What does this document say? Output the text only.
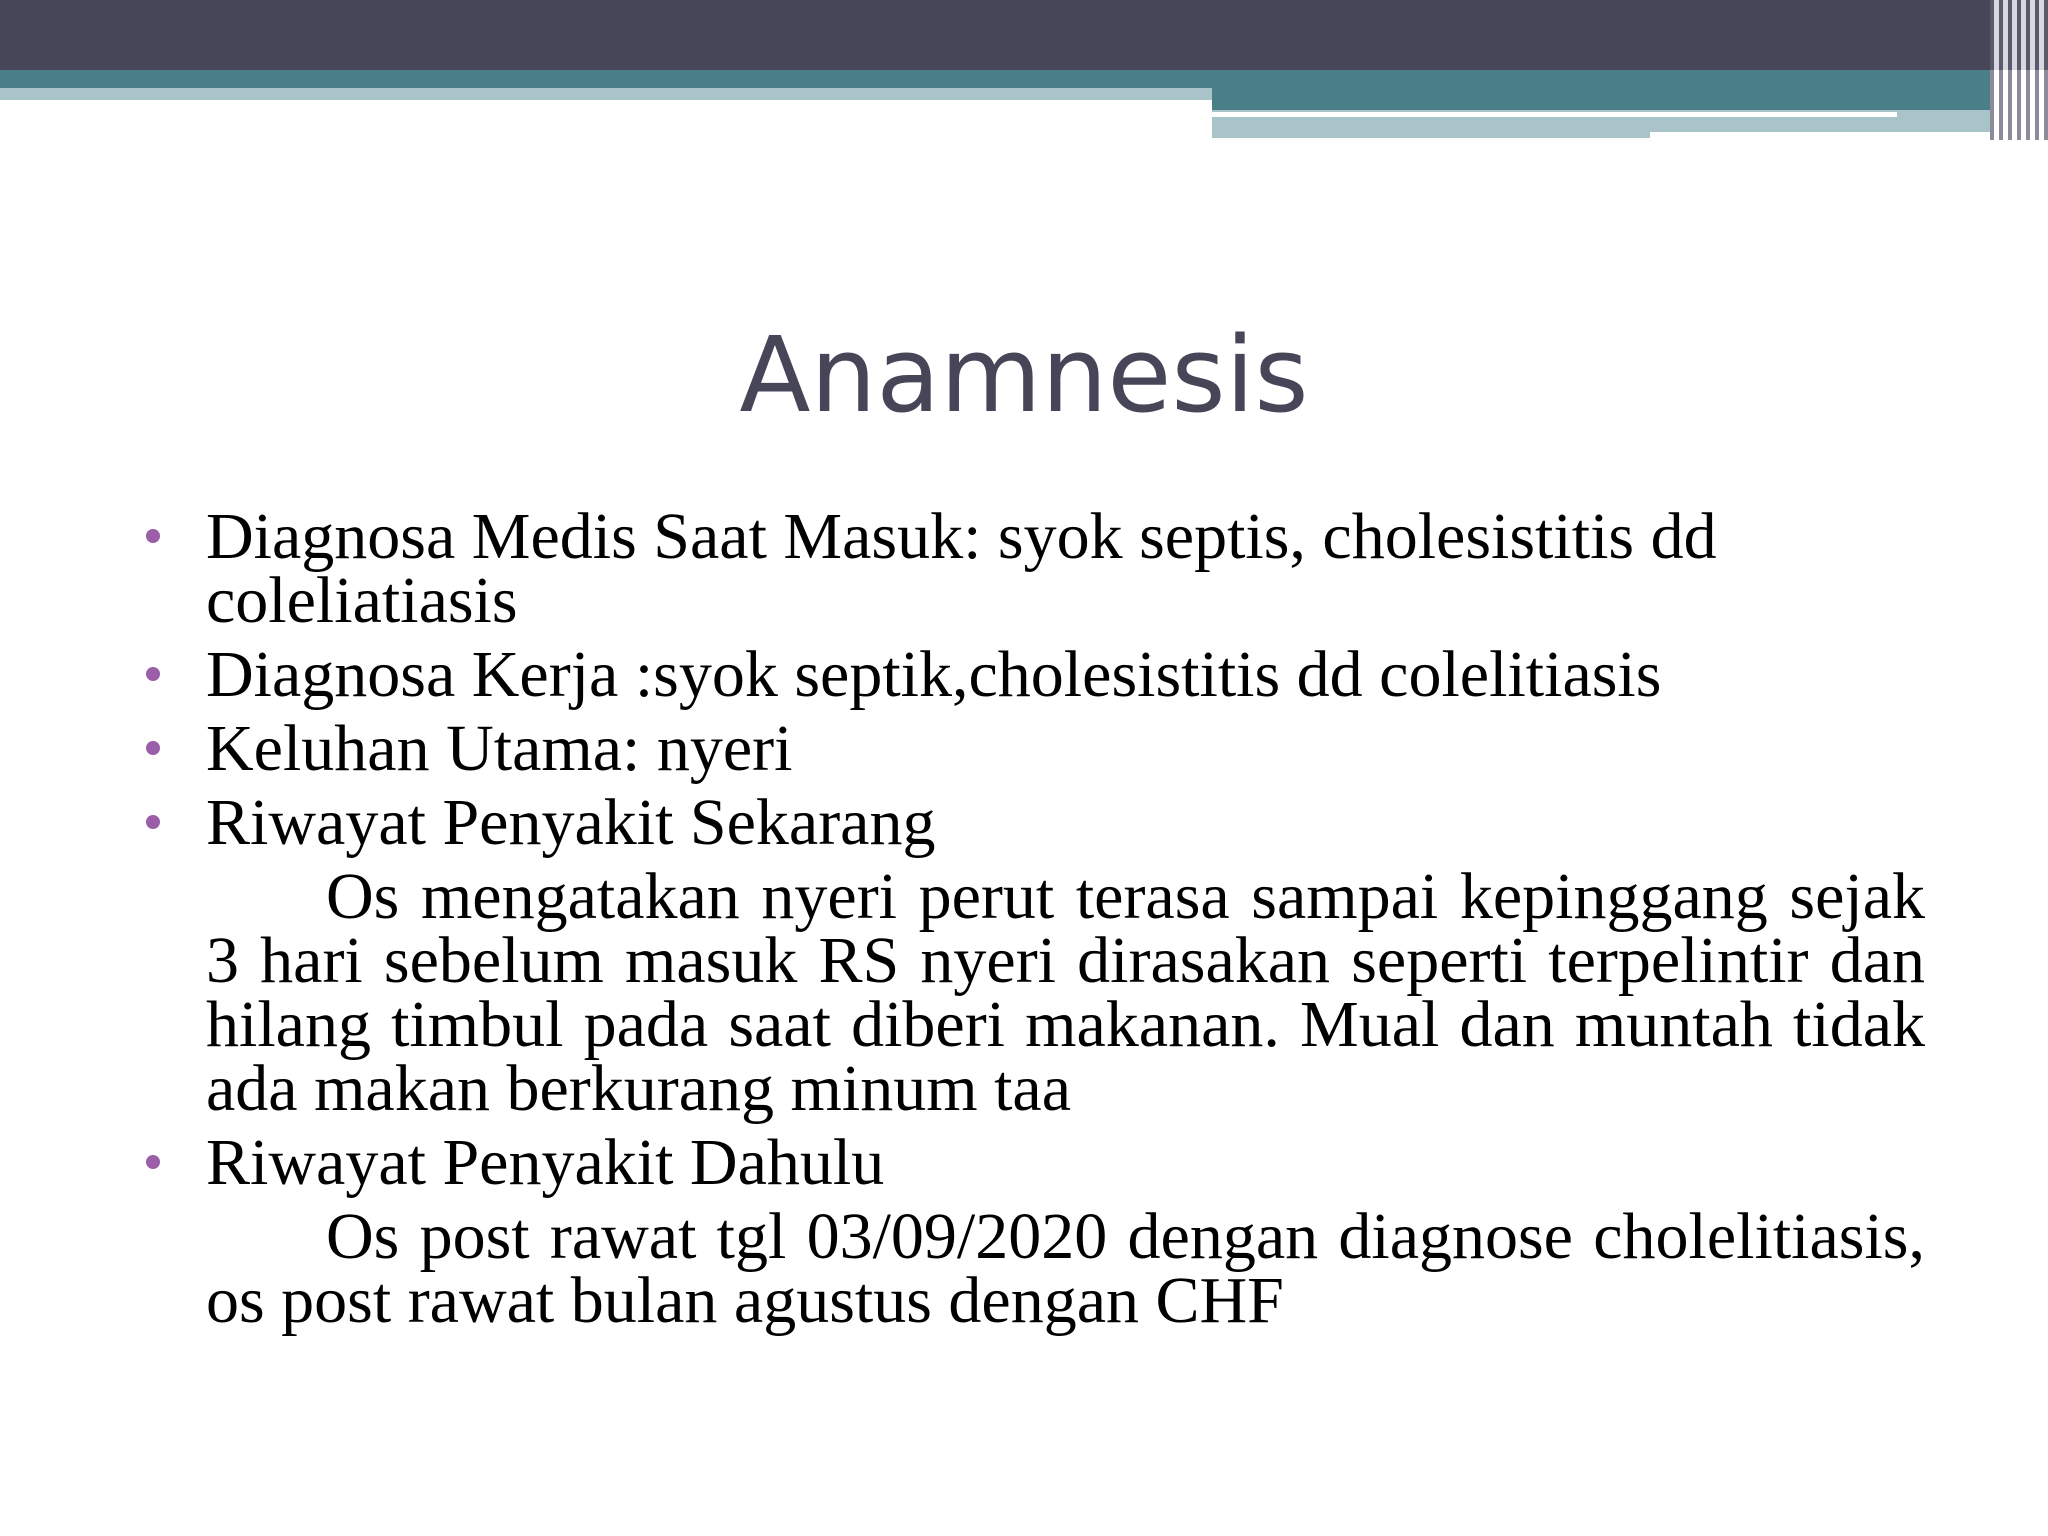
Anamnesis
Diagnosa Medis Saat Masuk: syok septis, cholesistitis dd coleliatiasis
Diagnosa Kerja :syok septik,cholesistitis dd colelitiasis
Keluhan Utama: nyeri
Riwayat Penyakit Sekarang
Os mengatakan nyeri perut terasa sampai kepinggang sejak 3 hari sebelum masuk RS nyeri dirasakan seperti terpelintir dan hilang timbul pada saat diberi makanan. Mual dan muntah tidak ada makan berkurang minum taa
Riwayat Penyakit Dahulu
Os post rawat tgl 03/09/2020 dengan diagnose cholelitiasis, os post rawat bulan agustus dengan CHF
